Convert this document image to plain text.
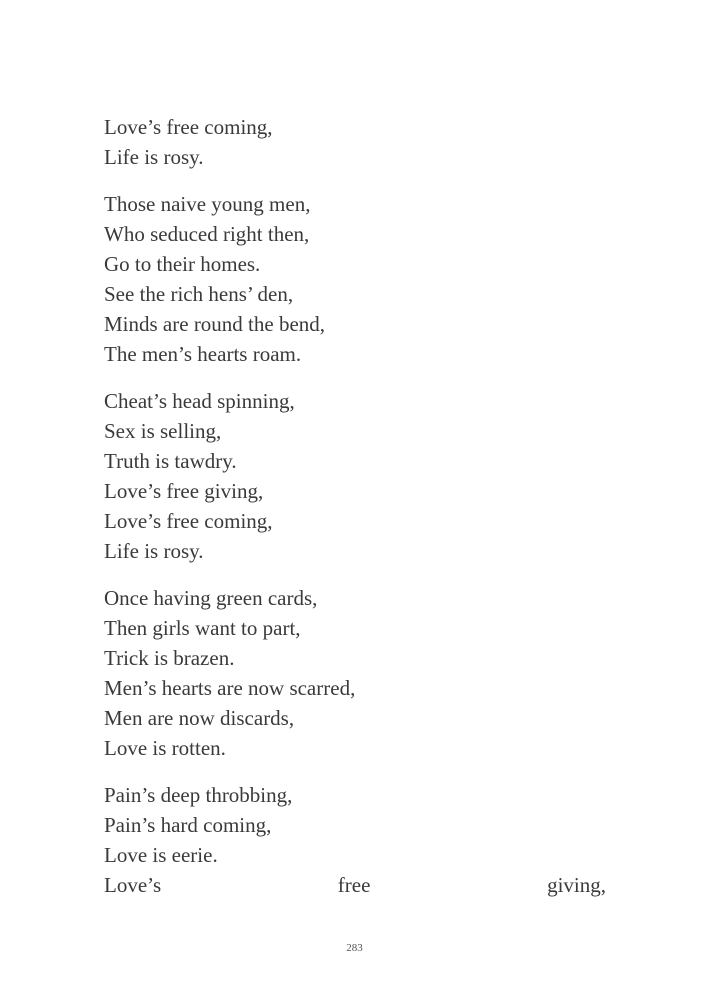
Love’s free coming,
Life is rosy.
Those naive young men,
Who seduced right then,
Go to their homes.
See the rich hens’ den,
Minds are round the bend,
The men’s hearts roam.
Cheat’s head spinning,
Sex is selling,
Truth is tawdry.
Love’s free giving,
Love’s free coming,
Life is rosy.
Once having green cards,
Then girls want to part,
Trick is brazen.
Men’s hearts are now scarred,
Men are now discards,
Love is rotten.
Pain’s deep throbbing,
Pain’s hard coming,
Love is eerie.
Love’s	free	giving,
283
